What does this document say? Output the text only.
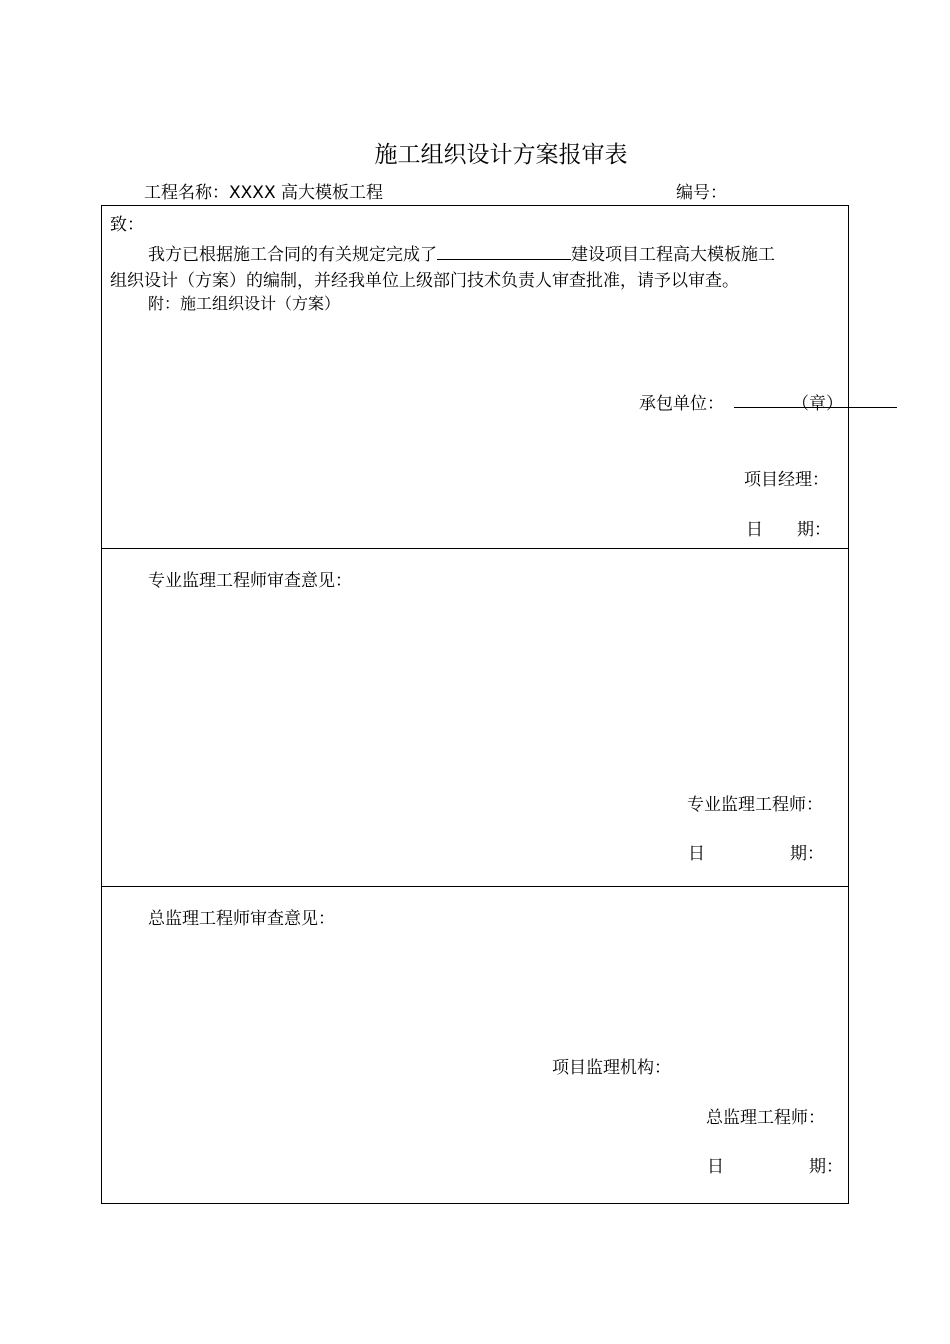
施工组织设计方案报审表
工程名称：XXXX 高大模板工程	编号：
致：
我方已根据施工合同的有关规定完成了	建设项目工程高大模板施工
组织设计（方案）的编制，并经我单位上级部门技术负责人审查批准，请予以审查。
附：施工组织设计（方案）
承包单位：	（章）
项目经理：
日　　期：
专业监理工程师审查意见：
专业监理工程师：
日　　　　　期：
总监理工程师审查意见：
项目监理机构：
总监理工程师：
日　　　　　期：
